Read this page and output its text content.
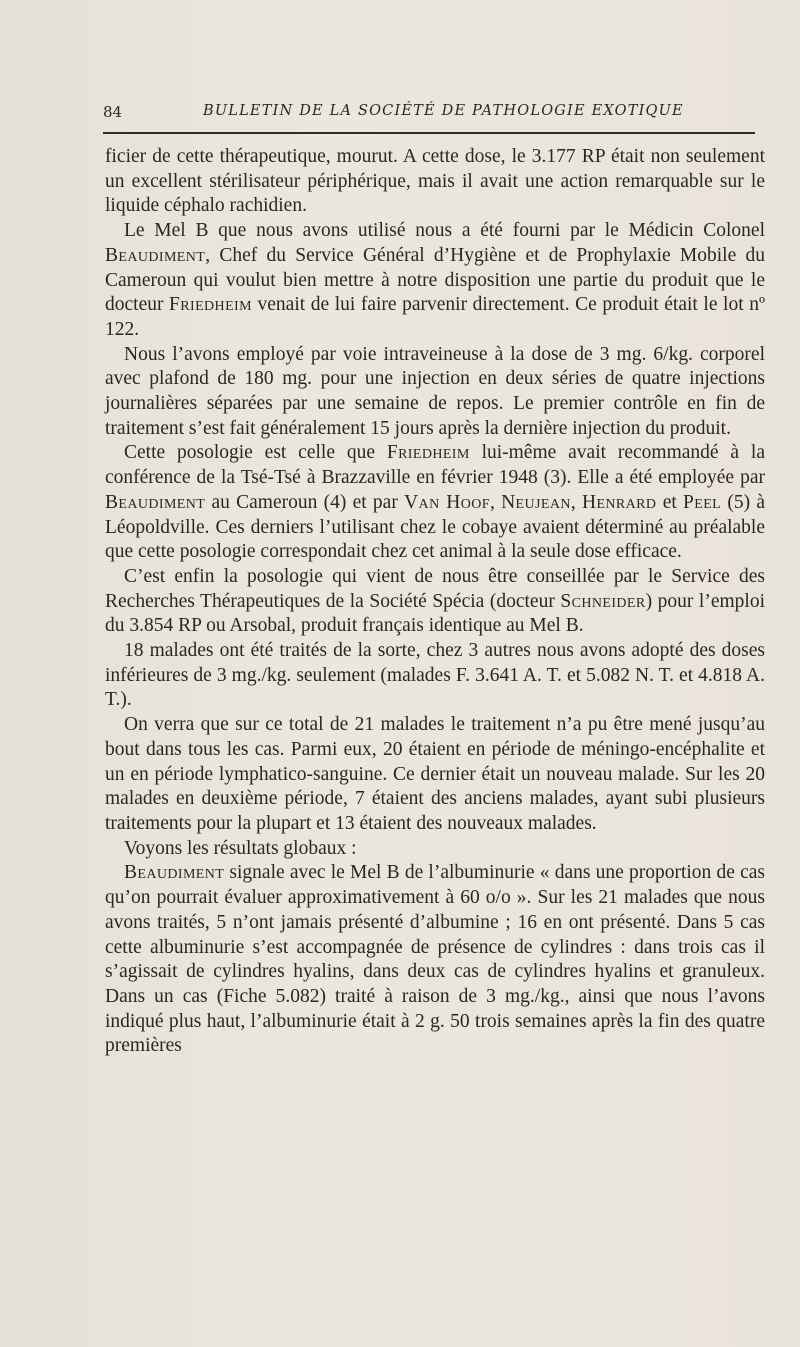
84	BULLETIN DE LA SOCIÉTÉ DE PATHOLOGIE EXOTIQUE

ficier de cette thérapeutique, mourut. A cette dose, le 3.177 RP était non seulement un excellent stérilisateur périphérique, mais il avait une action remarquable sur le liquide céphalo rachidien.

Le Mel B que nous avons utilisé nous a été fourni par le Médicin Colonel Beaudiment, Chef du Service Général d’Hygiène et de Prophylaxie Mobile du Cameroun qui voulut bien mettre à notre disposition une partie du produit que le docteur Friedheim venait de lui faire parvenir directement. Ce produit était le lot nº 122.

Nous l’avons employé par voie intraveineuse à la dose de 3 mg. 6/kg. corporel avec plafond de 180 mg. pour une injection en deux séries de quatre injections journalières séparées par une semaine de repos. Le premier contrôle en fin de traitement s’est fait généralement 15 jours après la dernière injection du produit.

Cette posologie est celle que Friedheim lui-même avait recommandé à la conférence de la Tsé-Tsé à Brazzaville en février 1948 (3). Elle a été employée par Beaudiment au Cameroun (4) et par Van Hoof, Neujean, Henrard et Peel (5) à Léopoldville. Ces derniers l’utilisant chez le cobaye avaient déterminé au préalable que cette posologie correspondait chez cet animal à la seule dose efficace.

C’est enfin la posologie qui vient de nous être conseillée par le Service des Recherches Thérapeutiques de la Société Spécia (docteur Schneider) pour l’emploi du 3.854 RP ou Arsobal, produit français identique au Mel B.

18 malades ont été traités de la sorte, chez 3 autres nous avons adopté des doses inférieures de 3 mg./kg. seulement (malades F. 3.641 A. T. et 5.082 N. T. et 4.818 A. T.).

On verra que sur ce total de 21 malades le traitement n’a pu être mené jusqu’au bout dans tous les cas. Parmi eux, 20 étaient en période de méningo-encéphalite et un en période lymphatico-sanguine. Ce dernier était un nouveau malade. Sur les 20 malades en deuxième période, 7 étaient des anciens malades, ayant subi plusieurs traitements pour la plupart et 13 étaient des nouveaux malades.

Voyons les résultats globaux :

Beaudiment signale avec le Mel B de l’albuminurie « dans une proportion de cas qu’on pourrait évaluer approximativement à 60 o/o ». Sur les 21 malades que nous avons traités, 5 n’ont jamais présenté d’albumine ; 16 en ont présenté. Dans 5 cas cette albuminurie s’est accompagnée de présence de cylindres : dans trois cas il s’agissait de cylindres hyalins, dans deux cas de cylindres hyalins et granuleux. Dans un cas (Fiche 5.082) traité à raison de 3 mg./kg., ainsi que nous l’avons indiqué plus haut, l’albuminurie était à 2 g. 50 trois semaines après la fin des quatre premières
